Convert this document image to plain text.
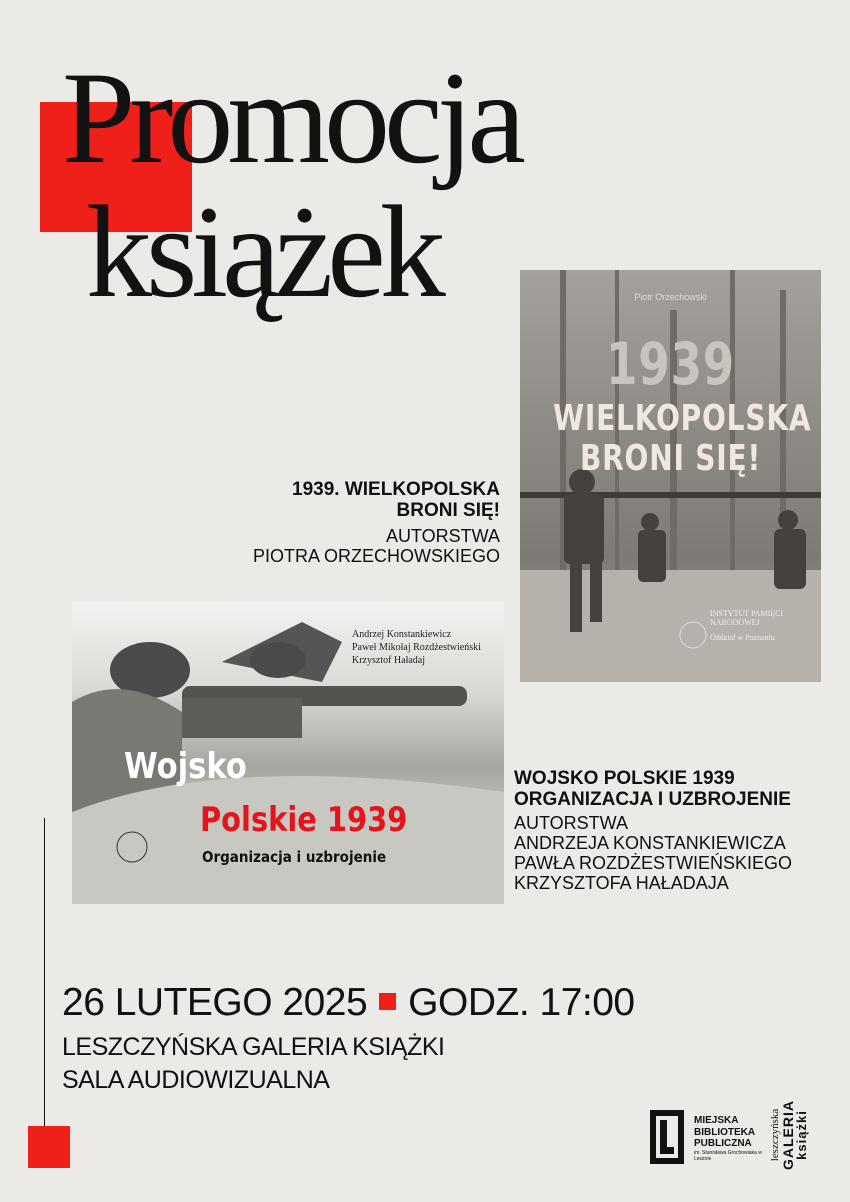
Promocja
książek
1939. WIELKOPOLSKA
BRONI SIĘ!
AUTORSTWA
PIOTRA ORZECHOWSKIEGO
Piotr Orzechowski
1939
WIELKOPOLSKA
BRONI SIĘ!
INSTYTUT PAMIĘCI
NARODOWEJ
Oddział w Poznaniu
Andrzej Konstankiewicz
Paweł Mikołaj Rozdżestwieński
Krzysztof Haładaj
Wojsko
Polskie 1939
Organizacja i uzbrojenie
WOJSKO POLSKIE 1939
ORGANIZACJA I UZBROJENIE
AUTORSTWA
ANDRZEJA KONSTANKIEWICZA
PAWŁA ROZDŻESTWIEŃSKIEGO
KRZYSZTOFA HAŁADAJA
26 LUTEGO 2025 GODZ. 17:00
LESZCZYŃSKA GALERIA KSIĄŻKI
SALA AUDIOWIZUALNA
MIEJSKA
BIBLIOTEKA
PUBLICZNA
im. Stanisława Grochowiaka w Lesznie	leszczyńska GALERIA
książki
